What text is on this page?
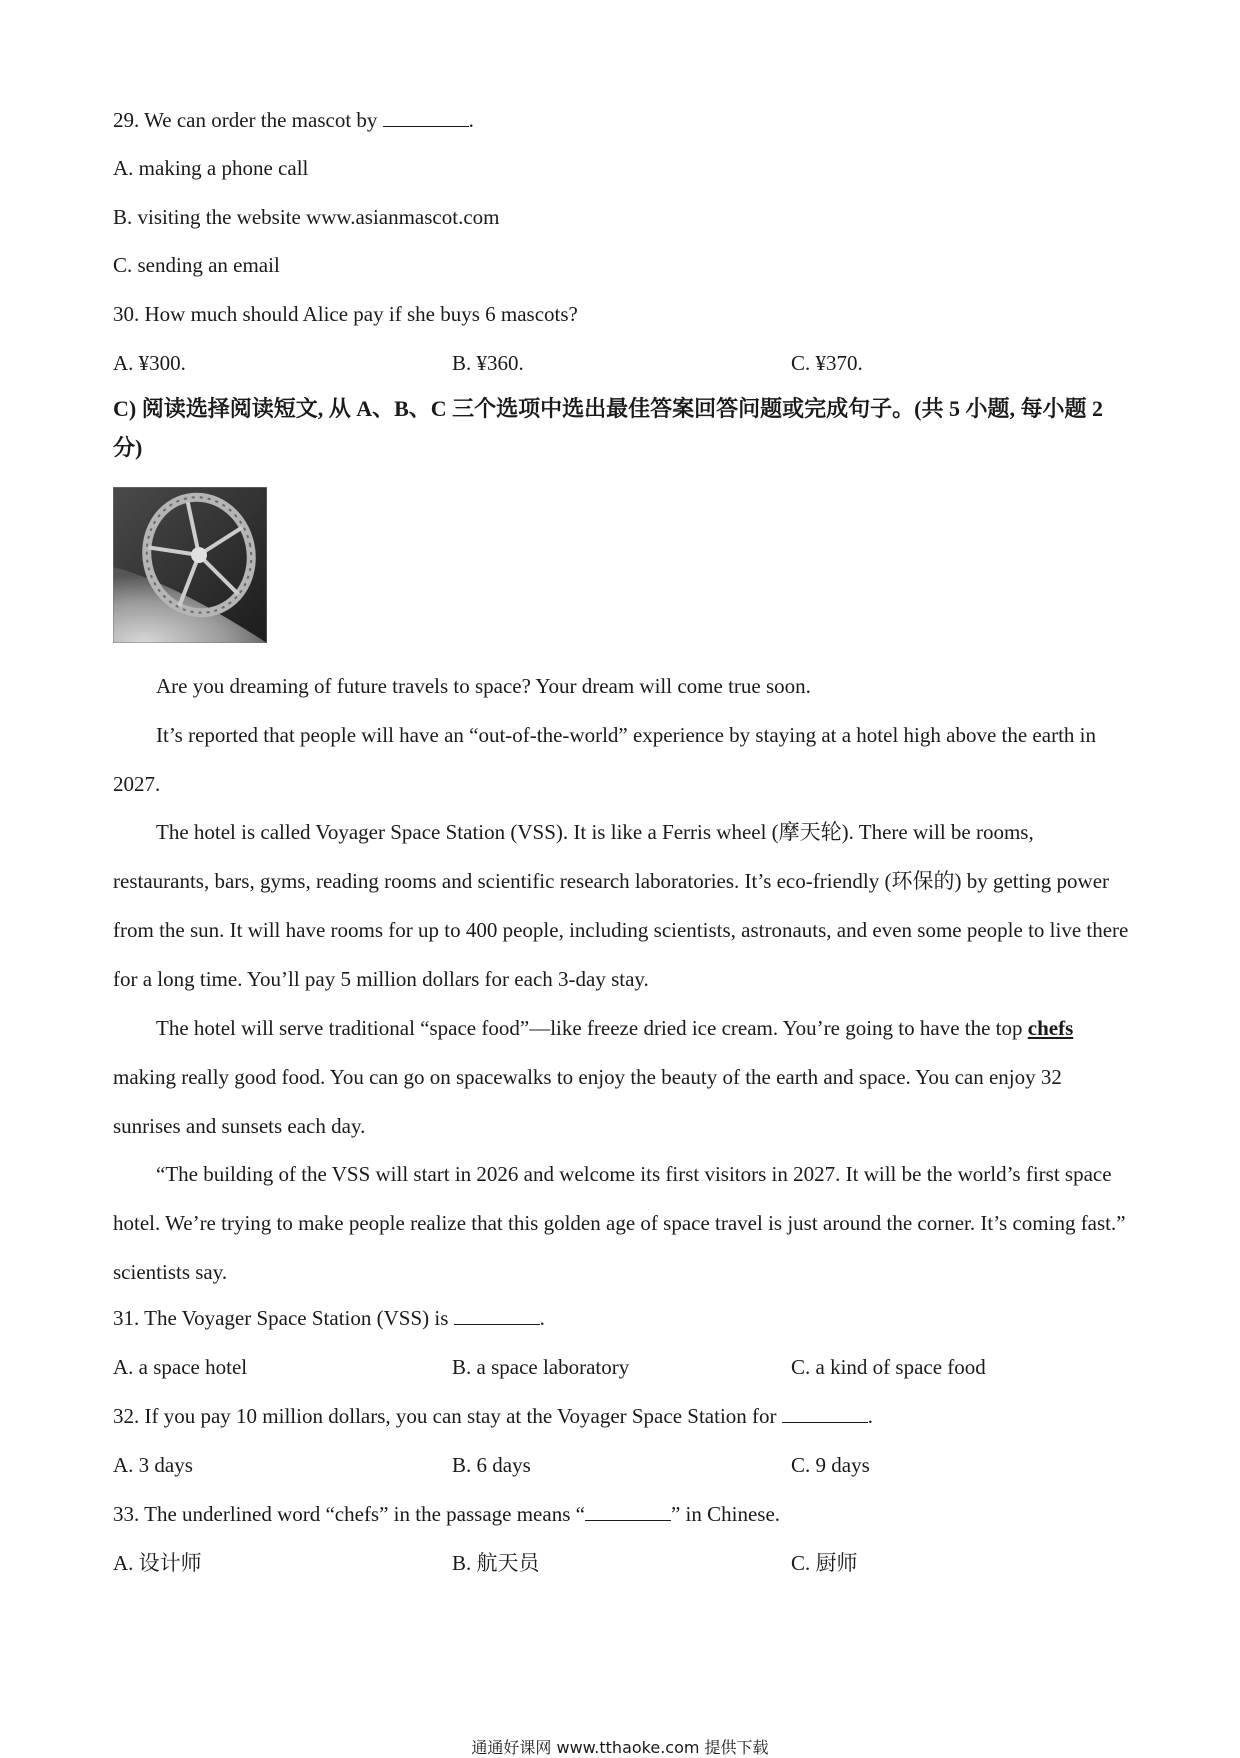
29. We can order the mascot by	.
A. making a phone call
B. visiting the website www.asianmascot.com
C. sending an email
30. How much should Alice pay if she buys 6 mascots?
A. ¥300.	B. ¥360.	C. ¥370.
C) 阅读选择阅读短文, 从 A、B、C 三个选项中选出最佳答案回答问题或完成句子。(共 5 小题, 每小题 2 分)
Are you dreaming of future travels to space? Your dream will come true soon.
It’s reported that people will have an “out-of-the-world” experience by staying at a hotel high above the earth in 2027.
The hotel is called Voyager Space Station (VSS). It is like a Ferris wheel (摩天轮). There will be rooms, restaurants, bars, gyms, reading rooms and scientific research laboratories. It’s eco-friendly (环保的) by getting power from the sun. It will have rooms for up to 400 people, including scientists, astronauts, and even some people to live there for a long time. You’ll pay 5 million dollars for each 3-day stay.
The hotel will serve traditional “space food”—like freeze dried ice cream. You’re going to have the top chefs making really good food. You can go on spacewalks to enjoy the beauty of the earth and space. You can enjoy 32 sunrises and sunsets each day.
“The building of the VSS will start in 2026 and welcome its first visitors in 2027. It will be the world’s first space hotel. We’re trying to make people realize that this golden age of space travel is just around the corner. It’s coming fast.” scientists say.
31. The Voyager Space Station (VSS) is	.
A. a space hotel	B. a space laboratory	C. a kind of space food
32. If you pay 10 million dollars, you can stay at the Voyager Space Station for	.
A. 3 days	B. 6 days	C. 9 days
33. The underlined word “chefs” in the passage means “	” in Chinese.
A. 设计师	B. 航天员	C. 厨师
通通好课网 www.tthaoke.com 提供下载
